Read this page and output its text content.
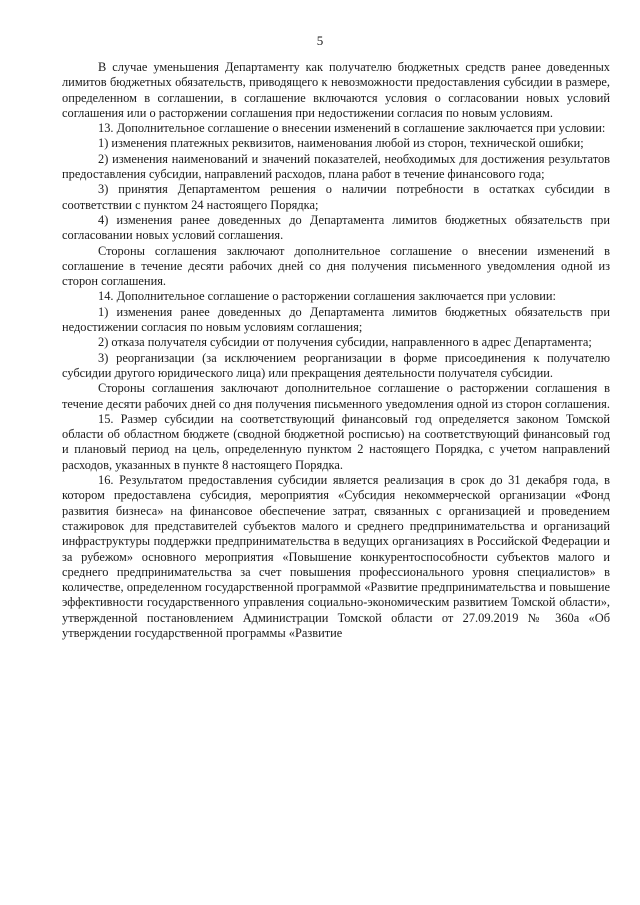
5

В случае уменьшения Департаменту как получателю бюджетных средств ранее доведенных лимитов бюджетных обязательств, приводящего к невозможности предоставления субсидии в размере, определенном в соглашении, в соглашение включаются условия о согласовании новых условий соглашения или о расторжении соглашения при недостижении согласия по новым условиям.

13. Дополнительное соглашение о внесении изменений в соглашение заключается при условии:

1) изменения платежных реквизитов, наименования любой из сторон, технической ошибки;

2) изменения наименований и значений показателей, необходимых для достижения результатов предоставления субсидии, направлений расходов, плана работ в течение финансового года;

3) принятия Департаментом решения о наличии потребности в остатках субсидии в соответствии с пунктом 24 настоящего Порядка;

4) изменения ранее доведенных до Департамента лимитов бюджетных обязательств при согласовании новых условий соглашения.

Стороны соглашения заключают дополнительное соглашение о внесении изменений в соглашение в течение десяти рабочих дней со дня получения письменного уведомления одной из сторон соглашения.

14. Дополнительное соглашение о расторжении соглашения заключается при условии:

1) изменения ранее доведенных до Департамента лимитов бюджетных обязательств при недостижении согласия по новым условиям соглашения;

2) отказа получателя субсидии от получения субсидии, направленного в адрес Департамента;

3) реорганизации (за исключением реорганизации в форме присоединения к получателю субсидии другого юридического лица) или прекращения деятельности получателя субсидии.

Стороны соглашения заключают дополнительное соглашение о расторжении соглашения в течение десяти рабочих дней со дня получения письменного уведомления одной из сторон соглашения.

15. Размер субсидии на соответствующий финансовый год определяется законом Томской области об областном бюджете (сводной бюджетной росписью) на соответствующий финансовый год и плановый период на цель, определенную пунктом 2 настоящего Порядка, с учетом направлений расходов, указанных в пункте 8 настоящего Порядка.

16. Результатом предоставления субсидии является реализация в срок до 31 декабря года, в котором предоставлена субсидия, мероприятия «Субсидия некоммерческой организации «Фонд развития бизнеса» на финансовое обеспечение затрат, связанных с организацией и проведением стажировок для представителей субъектов малого и среднего предпринимательства и организаций инфраструктуры поддержки предпринимательства в ведущих организациях в Российской Федерации и за рубежом» основного мероприятия «Повышение конкурентоспособности субъектов малого и среднего предпринимательства за счет повышения профессионального уровня специалистов» в количестве, определенном государственной программой «Развитие предпринимательства и повышение эффективности государственного управления социально-экономическим развитием Томской области», утвержденной постановлением Администрации Томской области от 27.09.2019 № 360а «Об утверждении государственной программы «Развитие
